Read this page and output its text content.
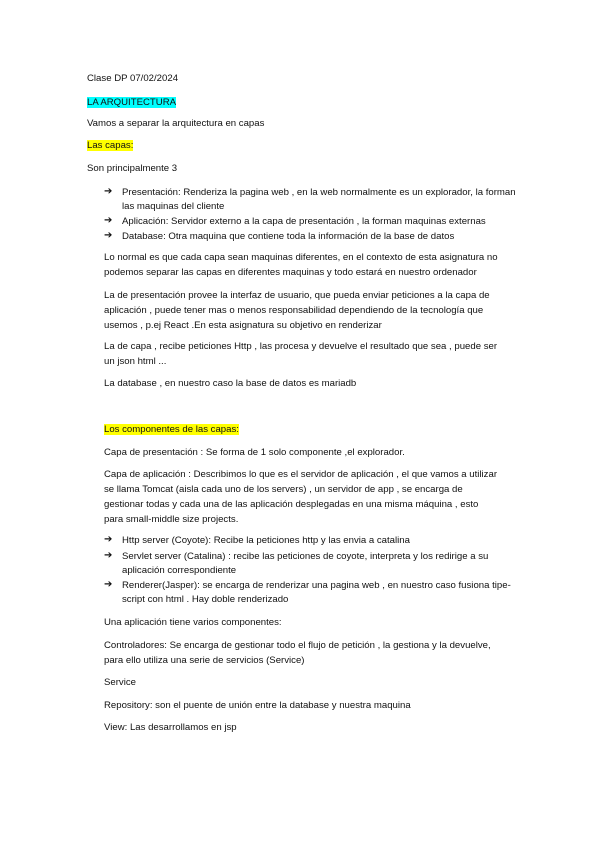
Clase DP 07/02/2024
LA ARQUITECTURA
Vamos a separar la arquitectura en capas
Las capas:
Son principalmente 3
➔ Presentación: Renderiza la pagina web , en la web normalmente es un explorador, la forman las maquinas del cliente
➔ Aplicación: Servidor externo a la capa de presentación , la forman maquinas externas
➔ Database: Otra maquina que contiene toda la información de la base de datos
Lo normal es que cada capa sean maquinas diferentes, en el contexto de esta asignatura no
podemos separar las capas en diferentes maquinas y todo estará en nuestro ordenador
La de presentación provee la interfaz de usuario, que pueda enviar peticiones a la capa de
aplicación , puede tener mas o menos responsabilidad dependiendo de la tecnología que
usemos , p.ej React .En esta asignatura su objetivo en renderizar
La de capa , recibe peticiones Http , las procesa y devuelve el resultado que sea , puede ser
un json html ...
La database , en nuestro caso la base de datos es mariadb
Los componentes de las capas:
Capa de presentación : Se forma de 1 solo componente ,el explorador.
Capa de aplicación : Describimos lo que es el servidor de aplicación , el que vamos a utilizar
se llama Tomcat (aisla cada uno de los servers) , un servidor de app , se encarga de
gestionar todas y cada una de las aplicación desplegadas en una misma máquina , esto
para small-middle size projects.
➔ Http server (Coyote): Recibe la peticiones http y las envia a catalina
➔ Servlet server (Catalina) : recibe las peticiones de coyote, interpreta y los redirige a su aplicación correspondiente
➔ Renderer(Jasper): se encarga de renderizar una pagina web , en nuestro caso fusiona tipe-script con html . Hay doble renderizado
Una aplicación tiene varios componentes:
Controladores: Se encarga de gestionar todo el flujo de petición , la gestiona y la devuelve,
para ello utiliza una serie de servicios (Service)
Service
Repository: son el puente de unión entre la database y nuestra maquina
View: Las desarrollamos en jsp
